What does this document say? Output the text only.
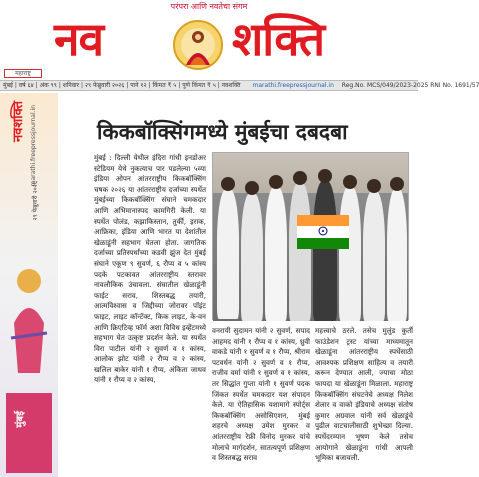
परंपरा आणि नवतेचा संगम
नव	शक्ति
महाराष्ट्र
मुंबई | वर्ष ६४ | अंक ९९ | शनिवार | २९ फेब्रुवारी २०२६ | पाने १२ | किंमत ₹ ५ | पुणे किंमत ₹ ५ | नवशक्ति marathi.freepressjournal.in Reg.No. MCS/049/2023-2025 RNI No. 1691/57
नवशक्ति marathi.freepressjournal.in
२९ फेब्रुवारी २०२६
मुंबई
किकबॉक्सिंगमध्ये मुंबईचा दबदबा

मुंबई : दिल्ली येथील इंदिरा गांधी इनडोअर स्टेडियम येथे नुकत्याच पार पडलेल्या ५व्या इंडिया ओपन आंतरराष्ट्रीय किकबॉक्सिंग चषक २०२६ या आंतरराष्ट्रीय दर्जाच्या स्पर्धेत मुंबईच्या किकबॉक्सिंग संघाने चमकदार आणि अभिमानास्पद कामगिरी केली. या स्पर्धेत पोलंड, कझाकिस्तान, तुर्की, इराक, आफ्रिका, इंडिया आणि भारत या देशांतील खेळाडूंनी सहभाग घेतला होता. जागतिक दर्जाच्या प्रतिस्पर्धांच्या कडवी झुंज देत मुंबई संघाने एकूण ९ सुवर्ण, ६ रौप्य व ५ कांस्य पदके पटकावत आंतरराष्ट्रीय स्तरावर नावलौकिक उंचावला. संघातील खेळाडूंनी फाईट सराव, शिस्तबद्ध तयारी, आत्मविश्वास व जिद्दीच्या जोरावर पॉइंट फाइट, लाइट कॉन्टॅक्ट, किक लाइट, के-वन आणि क्रिएटिव्ह फॉर्म अशा विविध इव्हेंटमध्ये सहभाग घेत उत्कृष्ट प्रदर्शन केले. या स्पर्धेत विरा पाटील यांनी २ सुवर्ण व १ कांस्य, आलोक झोट यांनी २ रौप्य व २ कांस्य, खलिल बाकेर यांनी १ रौप्य, अंकिता जाधव यांनी १ रौप्य व २ कांस्य,

वनरायी सुदामन यांनी २ सुवर्ण, सपाद आहमद यांनी १ रौप्य व १ कांस्य, ध्रुवी वाकडे यांनी १ सुवर्ण व १ रौप्य, श्रीराम पटवर्धन यांनी २ सुवर्ण व १ रौप्य, राजीव वर्मा यांनी १ सुवर्ण व १ कांस्य, तर सिद्धांत गुप्ता यांनी १ सुवर्ण पदक जिंकत स्पर्धेत चमकदार यश संपादन केले. या ऐतिहासिक यशामागे स्पोर्ट्स किकबॉक्सिंग असोसिएशन, मुंबई शहरचे अध्यक्ष उमेश मुरकर व आंतरराष्ट्रीय रेफ्री विनोद मुरकर यांचे मोलाचे मार्गदर्शन, सातत्यपूर्ण प्रशिक्षण व शिस्तबद्ध सराव

महत्त्वाचे ठरले. तसेच मुलुंड कुर्ती फाउंडेशन ट्रस्ट यांच्या माध्यमातून खेळाडूंना आंतरराष्ट्रीय स्पर्धेसाठी आवश्यक प्रशिक्षण साहित्य व तयारी करून देण्यात आली, ज्याचा मोठा फायदा या खेळाडूंना मिळाला. महाराष्ट्र किकबॉक्सिंग संघटनेचे अध्यक्ष निलेश शेलार व वाको इंडियाचे अध्यक्ष संतोष कुमार अग्रवाल यांनी सर्व खेळाडूंचे पुढील वाटचालीसाठी शुभेच्छा दिल्या. स्पर्धेदरम्यान भूषण केले तसेच आयोगाने खेळाडूंना गांधी आपली भूमिका बजावली.
